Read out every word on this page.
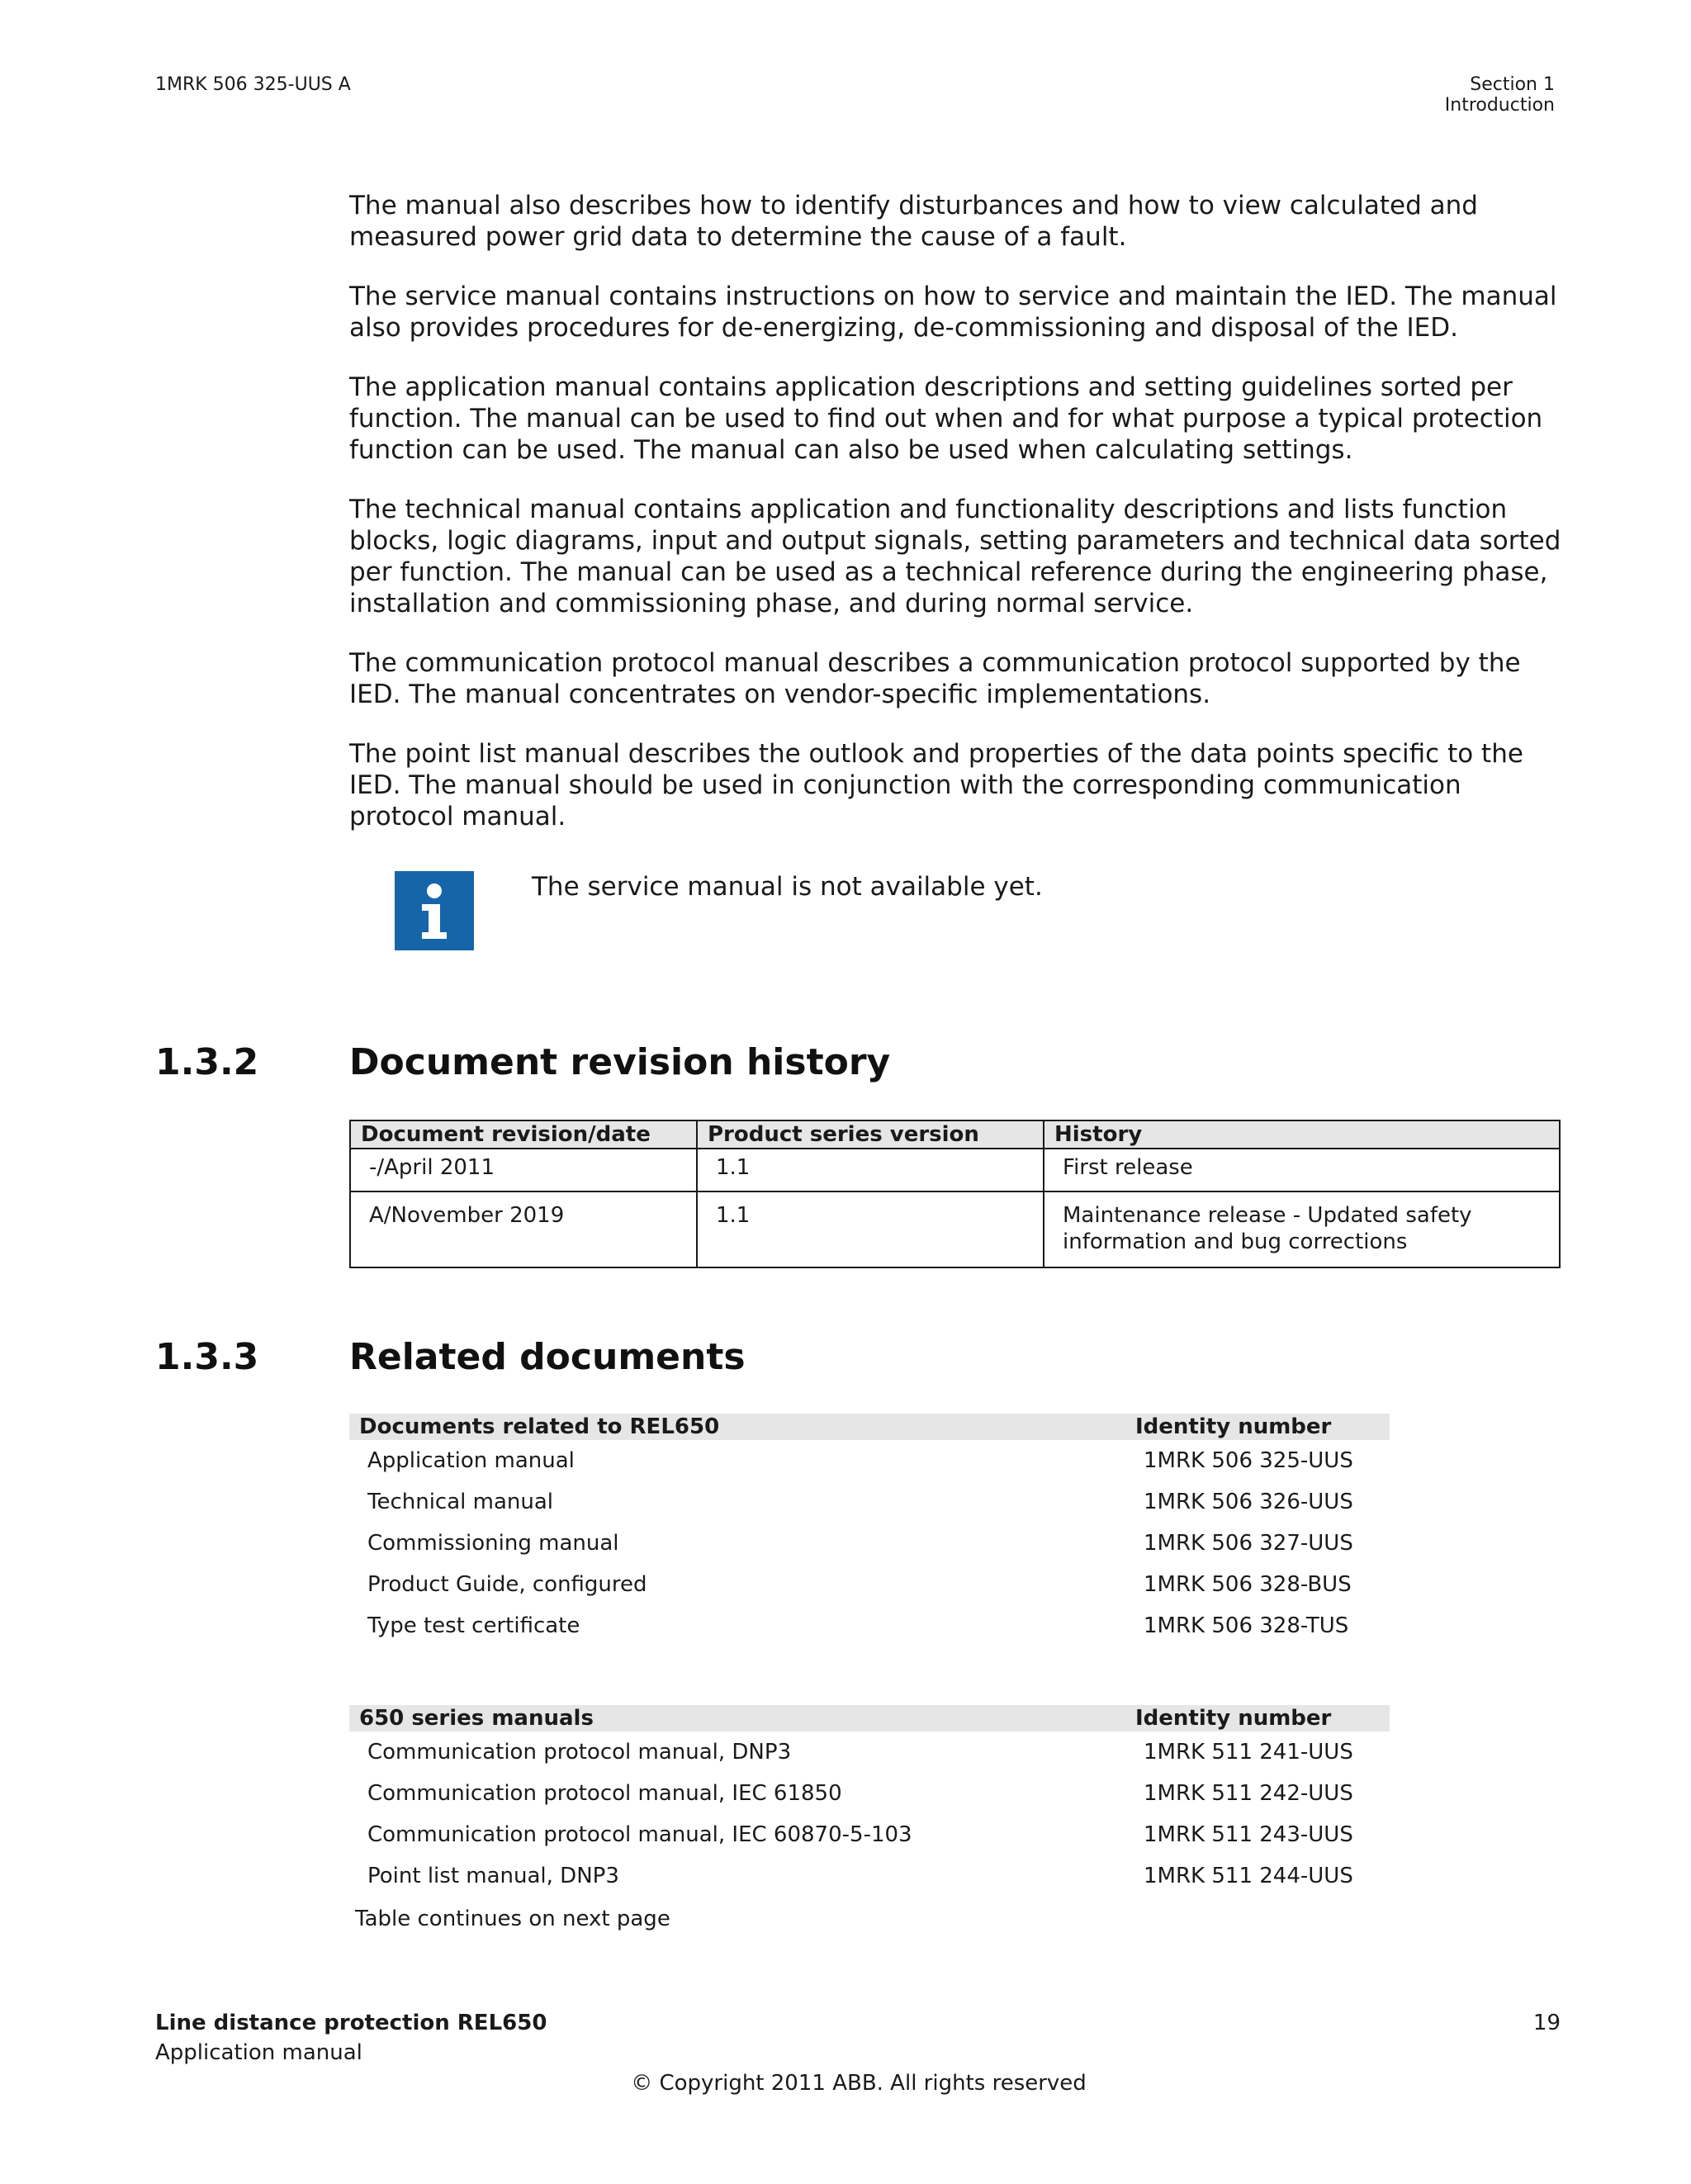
1MRK 506 325-UUS A	Section 1
Introduction

The manual also describes how to identify disturbances and how to view calculated and measured power grid data to determine the cause of a fault.

The service manual contains instructions on how to service and maintain the IED. The manual also provides procedures for de-energizing, de-commissioning and disposal of the IED.

The application manual contains application descriptions and setting guidelines sorted per function. The manual can be used to find out when and for what purpose a typical protection function can be used. The manual can also be used when calculating settings.

The technical manual contains application and functionality descriptions and lists function blocks, logic diagrams, input and output signals, setting parameters and technical data sorted per function. The manual can be used as a technical reference during the engineering phase, installation and commissioning phase, and during normal service.

The communication protocol manual describes a communication protocol supported by the IED. The manual concentrates on vendor-specific implementations.

The point list manual describes the outlook and properties of the data points specific to the IED. The manual should be used in conjunction with the corresponding communication protocol manual.

The service manual is not available yet.
1.3.2 Document revision history
Document revision/date	Product series version	History
-/April 2011	1.1	First release
A/November 2019	1.1	Maintenance release - Updated safety information and bug corrections
1.3.3 Related documents
Documents related to REL650	Identity number
Application manual	1MRK 506 325-UUS
Technical manual	1MRK 506 326-UUS
Commissioning manual	1MRK 506 327-UUS
Product Guide, configured	1MRK 506 328-BUS
Type test certificate	1MRK 506 328-TUS
650 series manuals	Identity number
Communication protocol manual, DNP3	1MRK 511 241-UUS
Communication protocol manual, IEC 61850	1MRK 511 242-UUS
Communication protocol manual, IEC 60870-5-103	1MRK 511 243-UUS
Point list manual, DNP3	1MRK 511 244-UUS
Table continues on next page
Line distance protection REL650
Application manual
19
© Copyright 2011 ABB. All rights reserved
